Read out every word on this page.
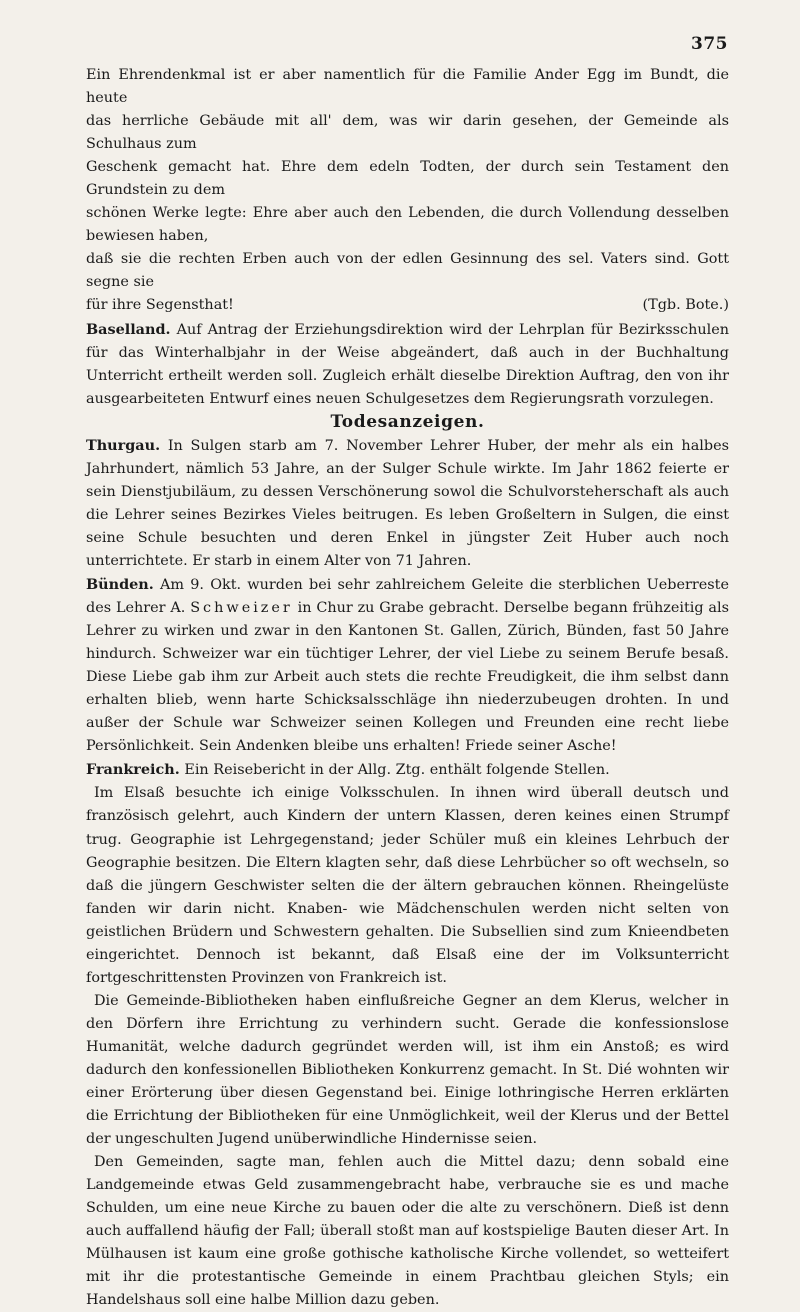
375

Ein Ehrendenkmal ist er aber namentlich für die Familie Ander Egg im Bundt, die heute

das herrliche Gebäude mit all' dem, was wir darin gesehen, der Gemeinde als Schulhaus zum

Geschenk gemacht hat. Ehre dem edeln Todten, der durch sein Testament den Grundstein zu dem

schönen Werke legte: Ehre aber auch den Lebenden, die durch Vollendung desselben bewiesen haben,

daß sie die rechten Erben auch von der edlen Gesinnung des sel. Vaters sind. Gott segne sie

für ihre Segensthat!	(Tgb. Bote.)

Baselland. Auf Antrag der Erziehungsdirektion wird der Lehrplan für Bezirksschulen für das Winterhalbjahr in der Weise abgeändert, daß auch in der Buchhaltung Unterricht ertheilt werden soll. Zugleich erhält dieselbe Direktion Auftrag, den von ihr ausgearbeiteten Entwurf eines neuen Schulgesetzes dem Regierungsrath vorzulegen.

Todesanzeigen.

Thurgau. In Sulgen starb am 7. November Lehrer Huber, der mehr als ein halbes Jahrhundert, nämlich 53 Jahre, an der Sulger Schule wirkte. Im Jahr 1862 feierte er sein Dienstjubiläum, zu dessen Verschönerung sowol die Schulvorsteherschaft als auch die Lehrer seines Bezirkes Vieles beitrugen. Es leben Großeltern in Sulgen, die einst seine Schule besuchten und deren Enkel in jüngster Zeit Huber auch noch unterrichtete. Er starb in einem Alter von 71 Jahren.

Bünden. Am 9. Okt. wurden bei sehr zahlreichem Geleite die sterblichen Ueberreste des Lehrer A. Schweizer in Chur zu Grabe gebracht. Derselbe begann frühzeitig als Lehrer zu wirken und zwar in den Kantonen St. Gallen, Zürich, Bünden, fast 50 Jahre hindurch. Schweizer war ein tüchtiger Lehrer, der viel Liebe zu seinem Berufe besaß. Diese Liebe gab ihm zur Arbeit auch stets die rechte Freudigkeit, die ihm selbst dann erhalten blieb, wenn harte Schicksalsschläge ihn niederzubeugen drohten. In und außer der Schule war Schweizer seinen Kollegen und Freunden eine recht liebe Persönlichkeit. Sein Andenken bleibe uns erhalten! Friede seiner Asche!

Frankreich. Ein Reisebericht in der Allg. Ztg. enthält folgende Stellen.

Im Elsaß besuchte ich einige Volksschulen. In ihnen wird überall deutsch und französisch gelehrt, auch Kindern der untern Klassen, deren keines einen Strumpf trug. Geographie ist Lehrgegenstand; jeder Schüler muß ein kleines Lehrbuch der Geographie besitzen. Die Eltern klagten sehr, daß diese Lehrbücher so oft wechseln, so daß die jüngern Geschwister selten die der ältern gebrauchen können. Rheingelüste fanden wir darin nicht. Knaben- wie Mädchenschulen werden nicht selten von geistlichen Brüdern und Schwestern gehalten. Die Subsellien sind zum Knieendbeten eingerichtet. Dennoch ist bekannt, daß Elsaß eine der im Volksunterricht fortgeschrittensten Provinzen von Frankreich ist.

Die Gemeinde-Bibliotheken haben einflußreiche Gegner an dem Klerus, welcher in den Dörfern ihre Errichtung zu verhindern sucht. Gerade die konfessionslose Humanität, welche dadurch gegründet werden will, ist ihm ein Anstoß; es wird dadurch den konfessionellen Bibliotheken Konkurrenz gemacht. In St. Dié wohnten wir einer Erörterung über diesen Gegenstand bei. Einige lothringische Herren erklärten die Errichtung der Bibliotheken für eine Unmöglichkeit, weil der Klerus und der Bettel der ungeschulten Jugend unüberwindliche Hindernisse seien.

Den Gemeinden, sagte man, fehlen auch die Mittel dazu; denn sobald eine Landgemeinde etwas Geld zusammengebracht habe, verbrauche sie es und mache Schulden, um eine neue Kirche zu bauen oder die alte zu verschönern. Dieß ist denn auch auffallend häufig der Fall; überall stoßt man auf kostspielige Bauten dieser Art. In Mülhausen ist kaum eine große gothische katholische Kirche vollendet, so wetteifert mit ihr die protestantische Gemeinde in einem Prachtbau gleichen Styls; ein Handelshaus soll eine halbe Million dazu geben.
